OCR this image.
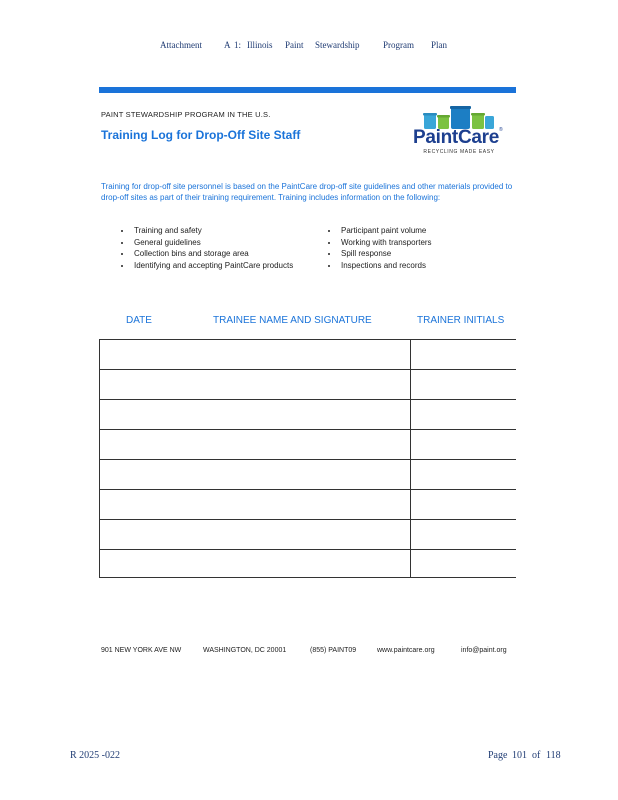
Attachment A 1: Illinois Paint Stewardship	Program Plan
PAINT STEWARDSHIP PROGRAM IN THE U.S.
Training Log for Drop-Off Site Staff	PaintCare®
RECYCLING MADE EASY
Training for drop-off site personnel is based on the PaintCare drop-off site guidelines and other materials provided to drop-off sites as part of their training requirement. Training includes information on the following:
• Training and safety
• General guidelines
• Collection bins and storage area
• Identifying and accepting PaintCare products
• Participant paint volume
• Working with transporters
• Spill response
• Inspections and records
DATE	TRAINEE NAME AND SIGNATURE	TRAINER INITIALS
901 NEW YORK AVE NW	WASHINGTON, DC 20001	(855) PAINT09	www.paintcare.org	info@paint.org
R 2025 -022	Page 101 of 118
